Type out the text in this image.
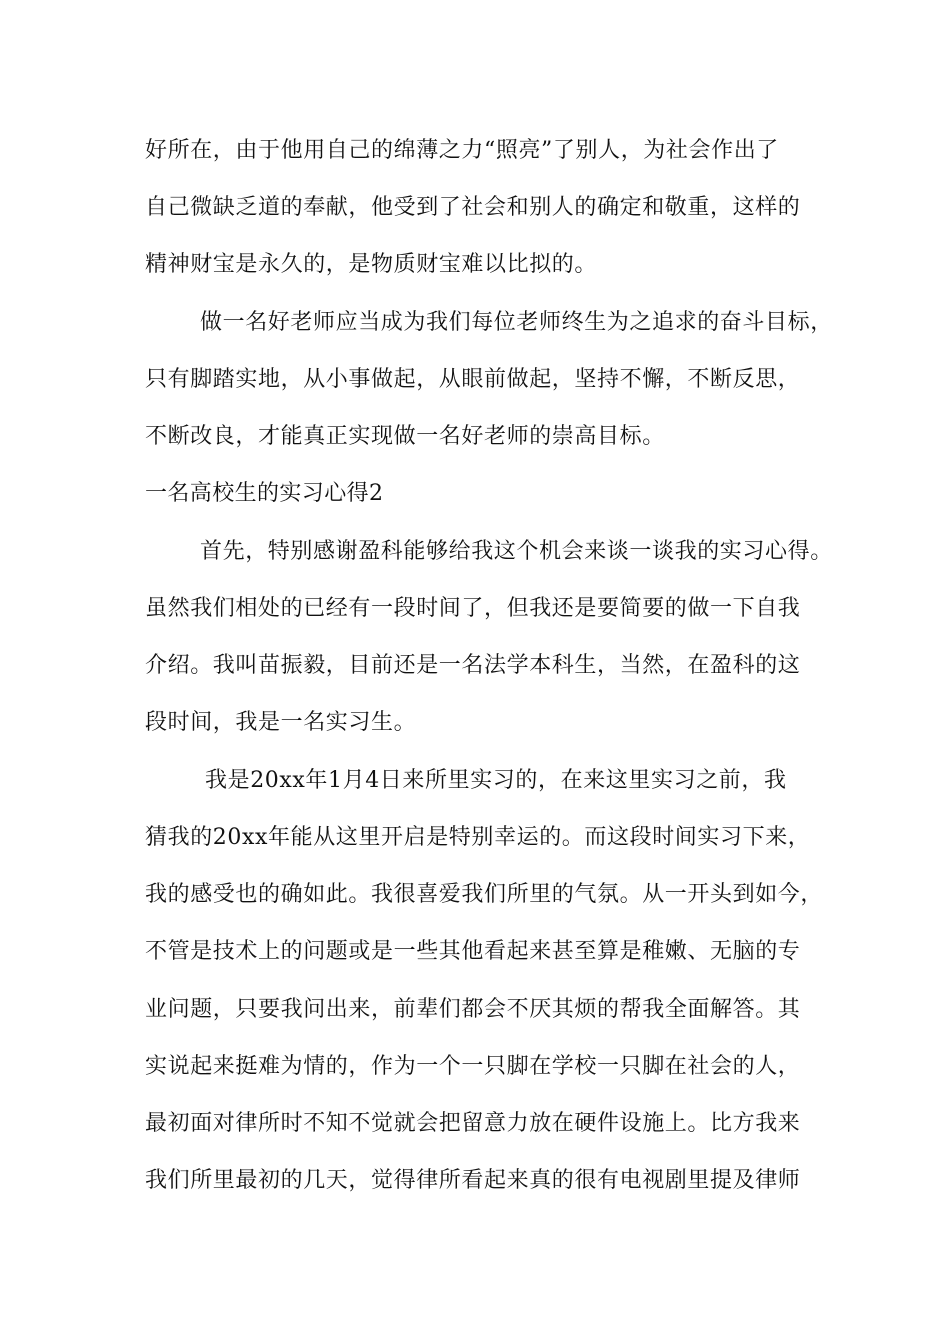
好所在，由于他用自己的绵薄之力“照亮”了别人，为社会作出了
自己微缺乏道的奉献，他受到了社会和别人的确定和敬重，这样的
精神财宝是永久的，是物质财宝难以比拟的。
做一名好老师应当成为我们每位老师终生为之追求的奋斗目标，
只有脚踏实地，从小事做起，从眼前做起，坚持不懈，不断反思，
不断改良，才能真正实现做一名好老师的崇高目标。
一名高校生的实习心得2
首先，特别感谢盈科能够给我这个机会来谈一谈我的实习心得。
虽然我们相处的已经有一段时间了，但我还是要简要的做一下自我
介绍。我叫苗振毅，目前还是一名法学本科生，当然，在盈科的这
段时间，我是一名实习生。
我是20xx年1月4日来所里实习的，在来这里实习之前，我
猜我的20xx年能从这里开启是特别幸运的。而这段时间实习下来，
我的感受也的确如此。我很喜爱我们所里的气氛。从一开头到如今，
不管是技术上的问题或是一些其他看起来甚至算是稚嫩、无脑的专
业问题，只要我问出来，前辈们都会不厌其烦的帮我全面解答。其
实说起来挺难为情的，作为一个一只脚在学校一只脚在社会的人，
最初面对律所时不知不觉就会把留意力放在硬件设施上。比方我来
我们所里最初的几天，觉得律所看起来真的很有电视剧里提及律师
